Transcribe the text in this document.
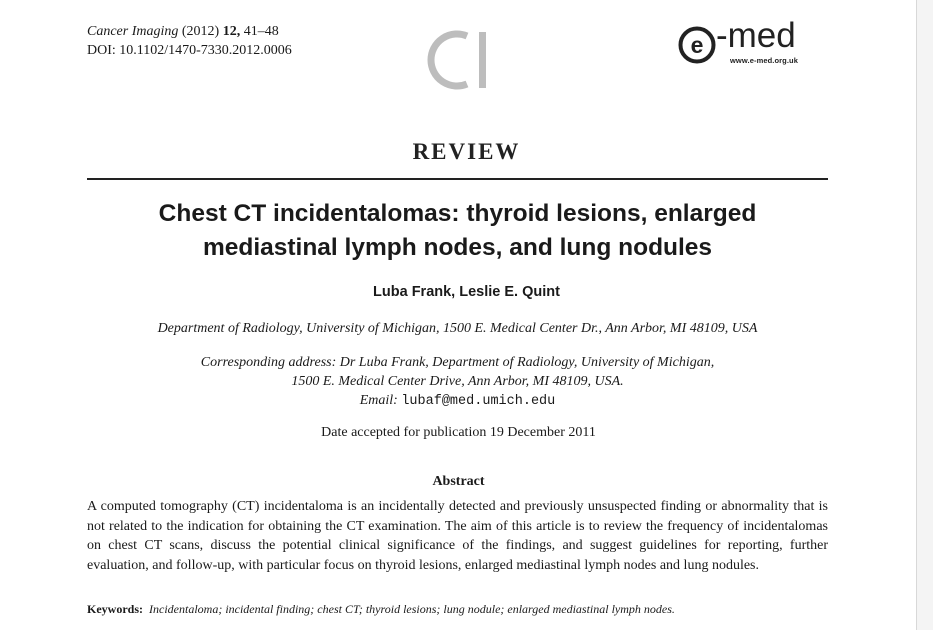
Cancer Imaging (2012) 12, 41–48
DOI: 10.1102/1470-7330.2012.0006	e -med
www.e-med.org.uk
REVIEW
Chest CT incidentalomas: thyroid lesions, enlarged
mediastinal lymph nodes, and lung nodules
Luba Frank, Leslie E. Quint
Department of Radiology, University of Michigan, 1500 E. Medical Center Dr., Ann Arbor, MI 48109, USA
Corresponding address: Dr Luba Frank, Department of Radiology, University of Michigan,
1500 E. Medical Center Drive, Ann Arbor, MI 48109, USA.
Email: lubaf@med.umich.edu
Date accepted for publication 19 December 2011
Abstract
A computed tomography (CT) incidentaloma is an incidentally detected and previously unsuspected finding or abnormality that is not related to the indication for obtaining the CT examination. The aim of this article is to review the frequency of incidentalomas on chest CT scans, discuss the potential clinical significance of the findings, and suggest guidelines for reporting, further evaluation, and follow-up, with particular focus on thyroid lesions, enlarged mediastinal lymph nodes and lung nodules.
Keywords: Incidentaloma; incidental finding; chest CT; thyroid lesions; lung nodule; enlarged mediastinal lymph nodes.
